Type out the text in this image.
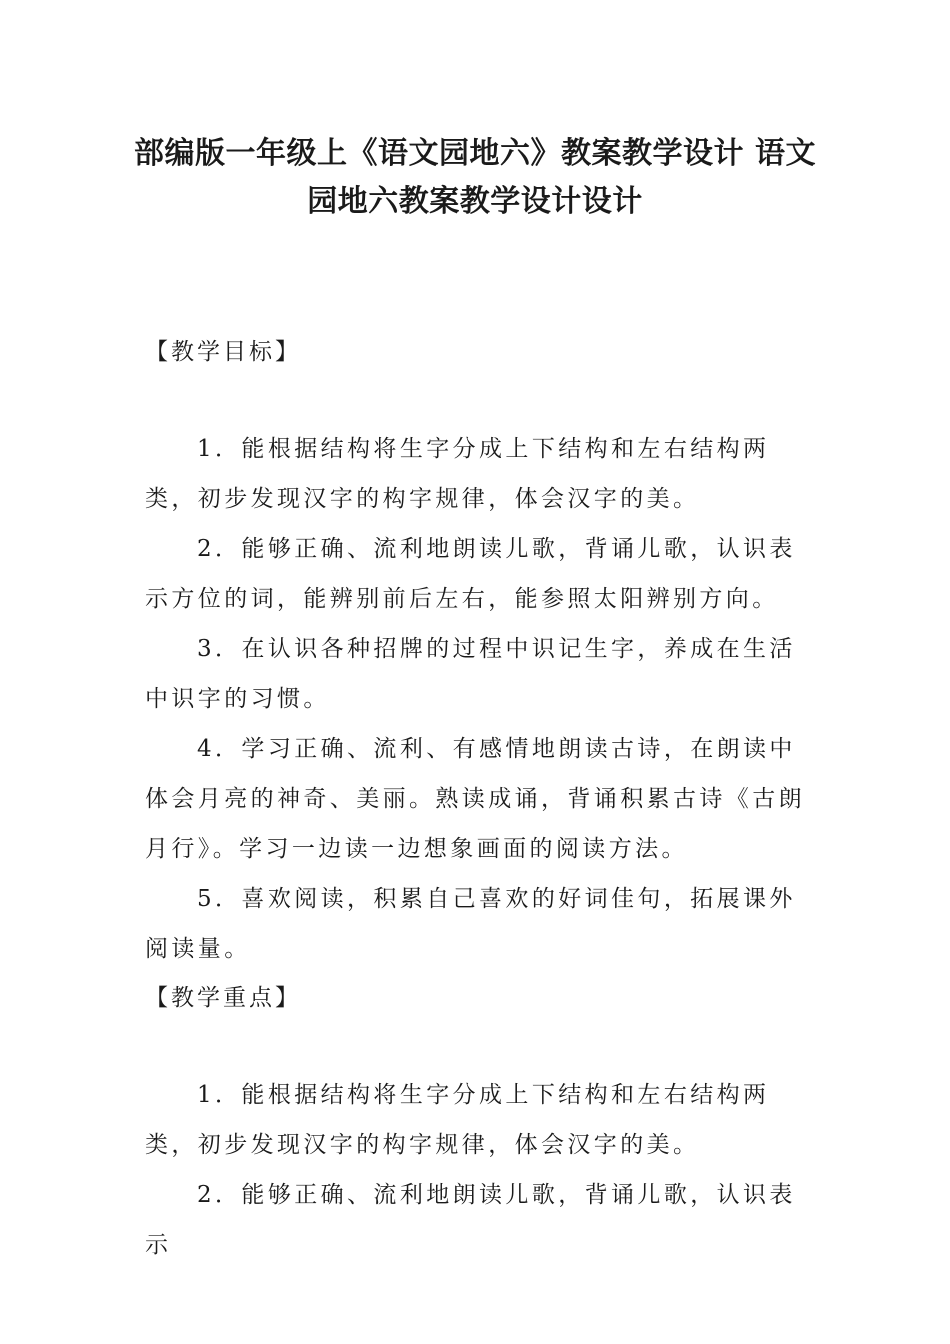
部编版一年级上《语文园地六》教案教学设计 语文园地六教案教学设计设计
【教学目标】

1．能根据结构将生字分成上下结构和左右结构两类，初步发现汉字的构字规律，体会汉字的美。

2．能够正确、流利地朗读儿歌，背诵儿歌，认识表示方位的词，能辨别前后左右，能参照太阳辨别方向。

3．在认识各种招牌的过程中识记生字，养成在生活中识字的习惯。

4．学习正确、流利、有感情地朗读古诗，在朗读中体会月亮的神奇、美丽。熟读成诵，背诵积累古诗《古朗月行》。学习一边读一边想象画面的阅读方法。

5．喜欢阅读，积累自己喜欢的好词佳句，拓展课外阅读量。

【教学重点】

1．能根据结构将生字分成上下结构和左右结构两类，初步发现汉字的构字规律，体会汉字的美。

2．能够正确、流利地朗读儿歌，背诵儿歌，认识表示
